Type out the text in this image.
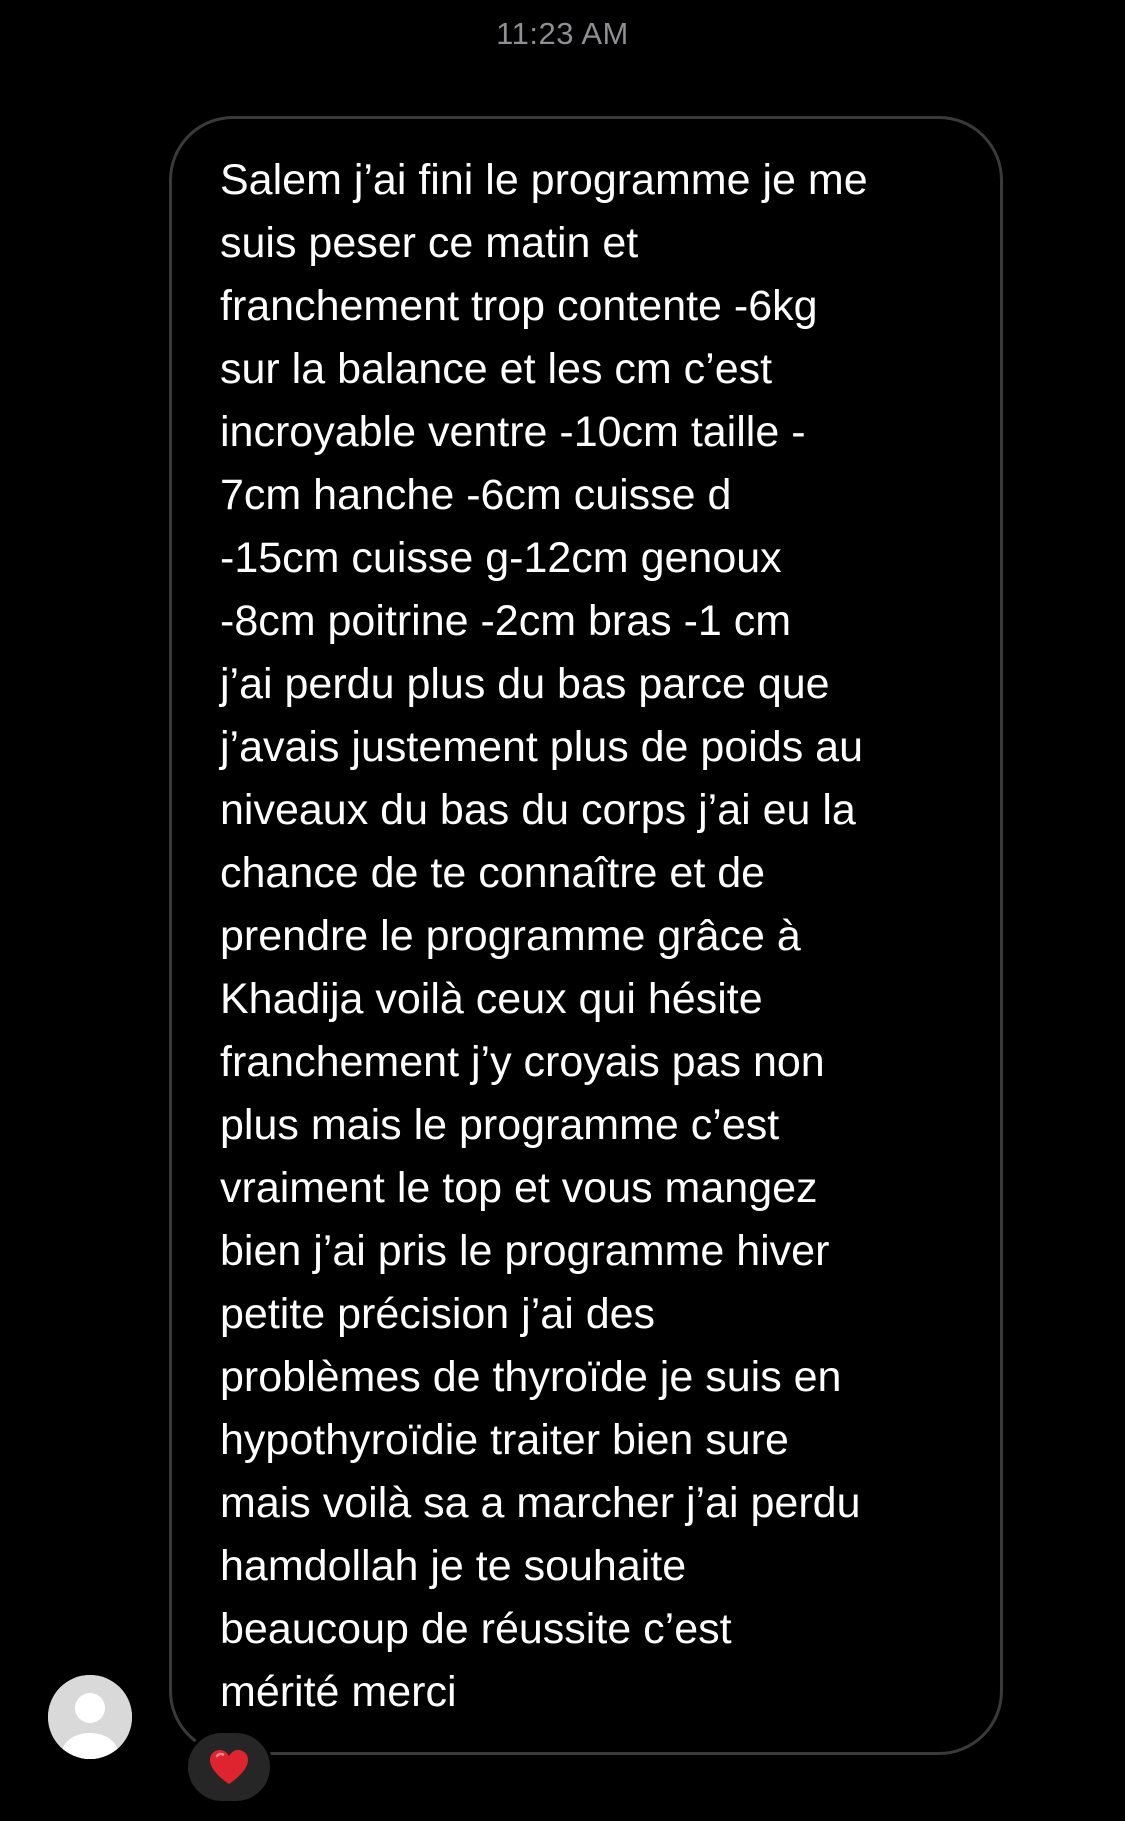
11:23 AM
Salem j’ai fini le programme je me
suis peser ce matin et
franchement trop contente -6kg
sur la balance et les cm c’est
incroyable ventre -10cm taille -
7cm hanche -6cm cuisse d
-15cm cuisse g-12cm genoux
-8cm poitrine -2cm bras -1 cm
j’ai perdu plus du bas parce que
j’avais justement plus de poids au
niveaux du bas du corps j’ai eu la
chance de te connaître et de
prendre le programme grâce à
Khadija voilà ceux qui hésite
franchement j’y croyais pas non
plus mais le programme c’est
vraiment le top et vous mangez
bien j’ai pris le programme hiver
petite précision j’ai des
problèmes de thyroïde je suis en
hypothyroïdie traiter bien sure
mais voilà sa a marcher j’ai perdu
hamdollah je te souhaite
beaucoup de réussite c’est
mérité merci
